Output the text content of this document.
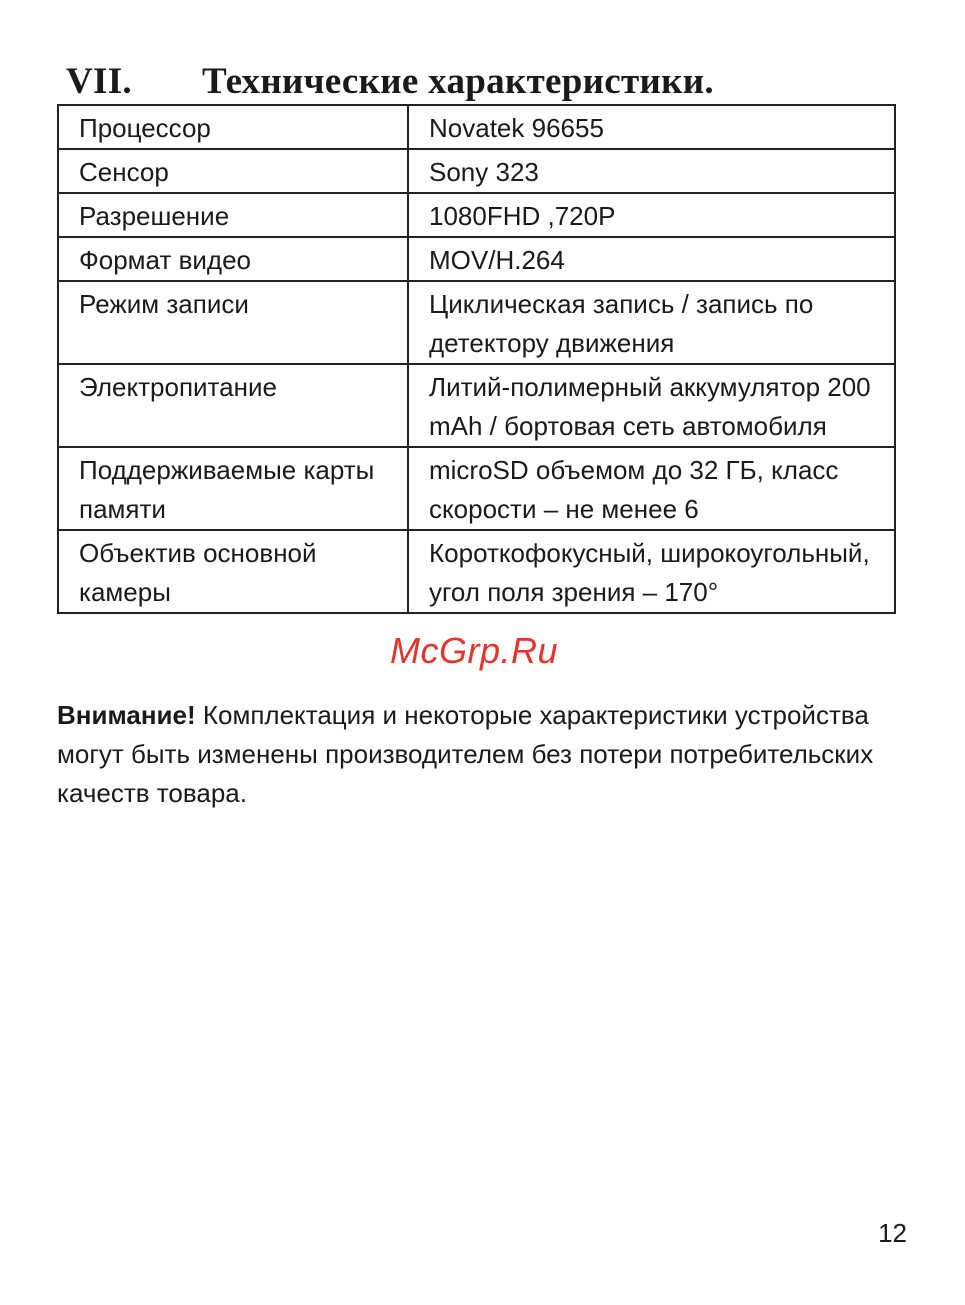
VII. Технические характеристики.
Процессор	Novatek 96655
Сенсор	Sony 323
Разрешение	1080FHD ,720P
Формат видео	MOV/H.264
Режим записи	Циклическая запись / запись по детектору движения
Электропитание	Литий-полимерный аккумулятор 200 mAh / бортовая сеть автомобиля
Поддерживаемые карты памяти	microSD объемом до 32 ГБ, класс скорости – не менее 6
Объектив основной камеры	Короткофокусный, широкоугольный, угол поля зрения – 170°
McGrp.Ru

Внимание! Комплектация и некоторые характеристики устройства могут быть изменены производителем без потери потребительских качеств товара.

12
